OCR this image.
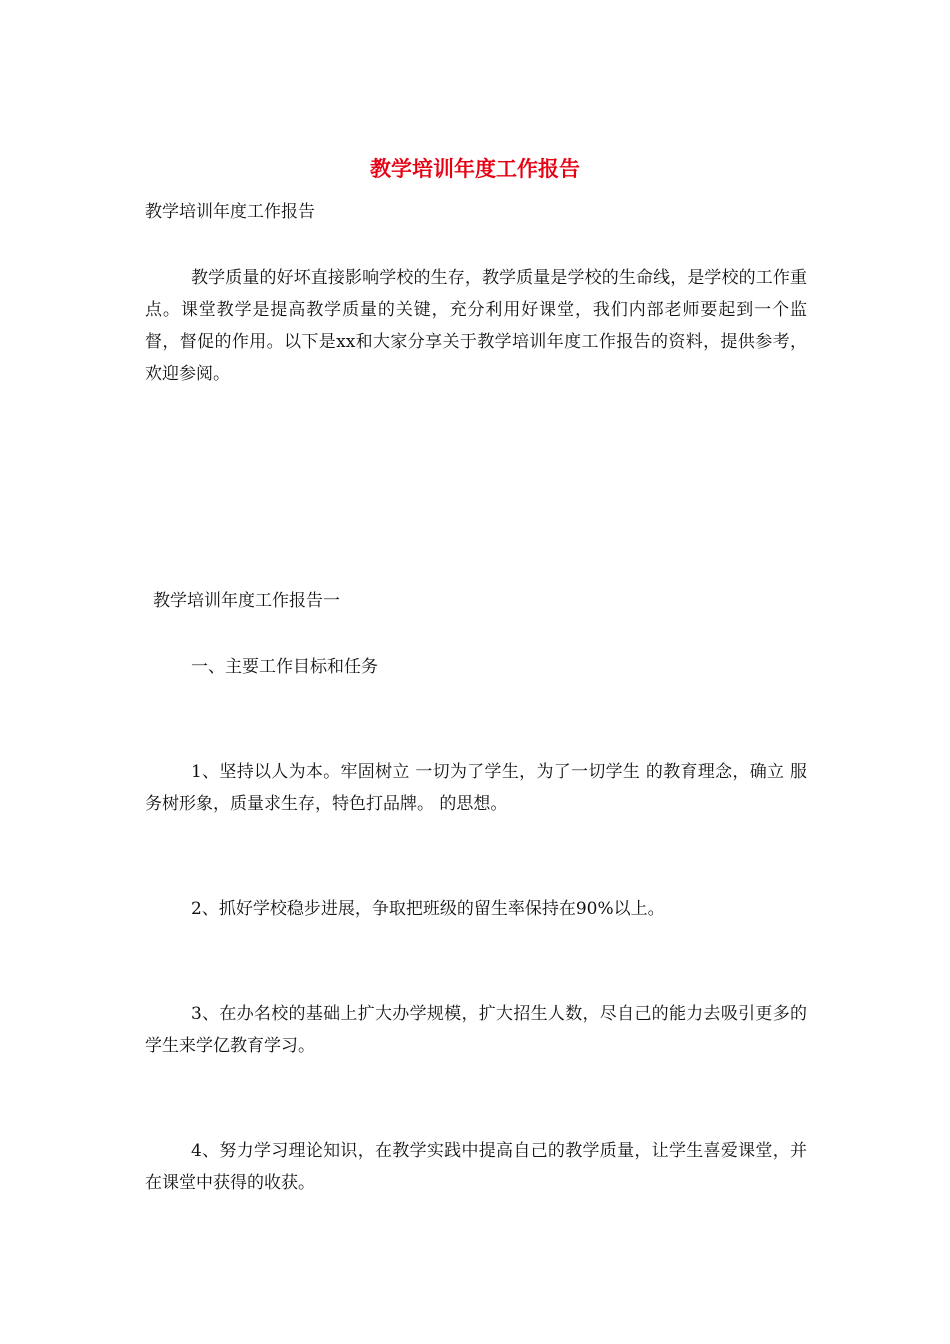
教学培训年度工作报告

教学培训年度工作报告

教学质量的好坏直接影响学校的生存，教学质量是学校的生命线，是学校的工作重点。课堂教学是提高教学质量的关键，充分利用好课堂，我们内部老师要起到一个监督，督促的作用。以下是xx和大家分享关于教学培训年度工作报告的资料，提供参考，欢迎参阅。

教学培训年度工作报告一

一、主要工作目标和任务

1、坚持以人为本。牢固树立 一切为了学生，为了一切学生 的教育理念，确立 服务树形象，质量求生存，特色打品牌。 的思想。

2、抓好学校稳步进展，争取把班级的留生率保持在90%以上。

3、在办名校的基础上扩大办学规模，扩大招生人数，尽自己的能力去吸引更多的学生来学亿教育学习。

4、努力学习理论知识，在教学实践中提高自己的教学质量，让学生喜爱课堂，并在课堂中获得的收获。
